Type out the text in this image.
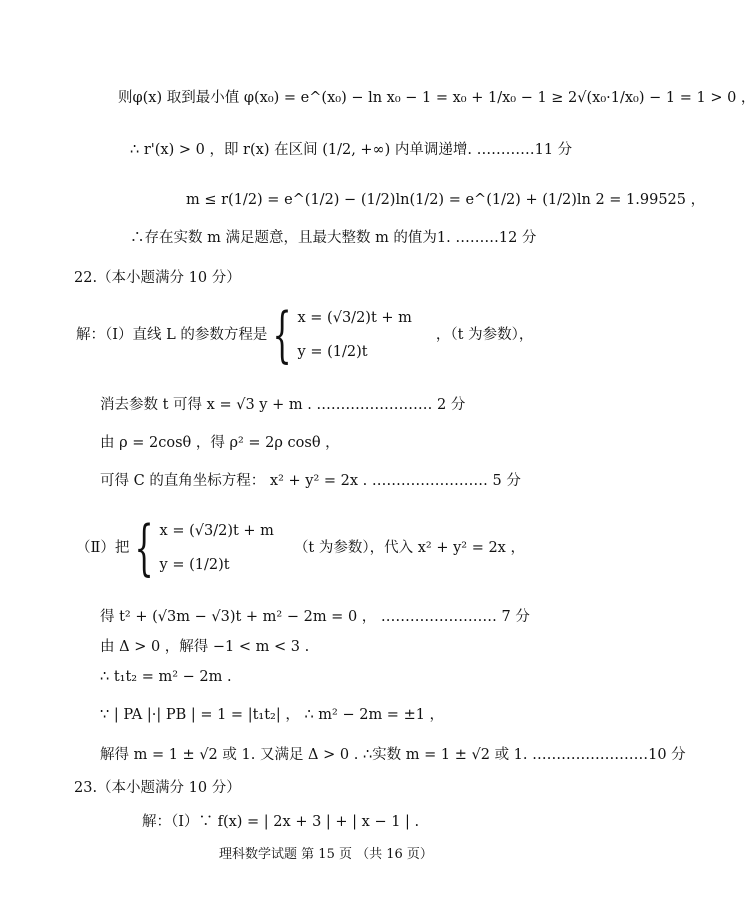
则φ(x) 取到最小值 φ(x₀) = e^(x₀) − ln x₀ − 1 = x₀ + 1/x₀ − 1 ≥ 2√(x₀·1/x₀) − 1 = 1 > 0 ，
∴ r'(x) > 0 ，即 r(x) 在区间 (1/2, +∞) 内单调递增. …………11 分
m ≤ r(1/2) = e^(1/2) − (1/2)ln(1/2) = e^(1/2) + (1/2)ln 2 = 1.99525 ，
∴存在实数 m 满足题意，且最大整数 m 的值为1. ………12 分
22.（本小题满分 10 分）
解：（Ⅰ）直线 L 的参数方程是 { x = (√3/2)t + m
y = (1/2)t
，（t 为参数），
消去参数 t 可得 x = √3 y + m . …………………… 2 分
由 ρ = 2cosθ ，得 ρ² = 2ρ cosθ ，
可得 C 的直角坐标方程： x² + y² = 2x . …………………… 5 分
（Ⅱ）把 { x = (√3/2)t + m
y = (1/2)t
（t 为参数），代入 x² + y² = 2x ，
得 t² + (√3m − √3)t + m² − 2m = 0 ， …………………… 7 分
由 Δ > 0 ，解得 −1 < m < 3 .
∴ t₁t₂ = m² − 2m .
∵ | PA |·| PB | = 1 = |t₁t₂| ， ∴ m² − 2m = ±1 ，
解得 m = 1 ± √2 或 1. 又满足 Δ > 0 . ∴实数 m = 1 ± √2 或 1. ……………………10 分
23.（本小题满分 10 分）
解：（Ⅰ）∵ f(x) = | 2x + 3 | + | x − 1 | .
理科数学试题 第 15 页 （共 16 页）
